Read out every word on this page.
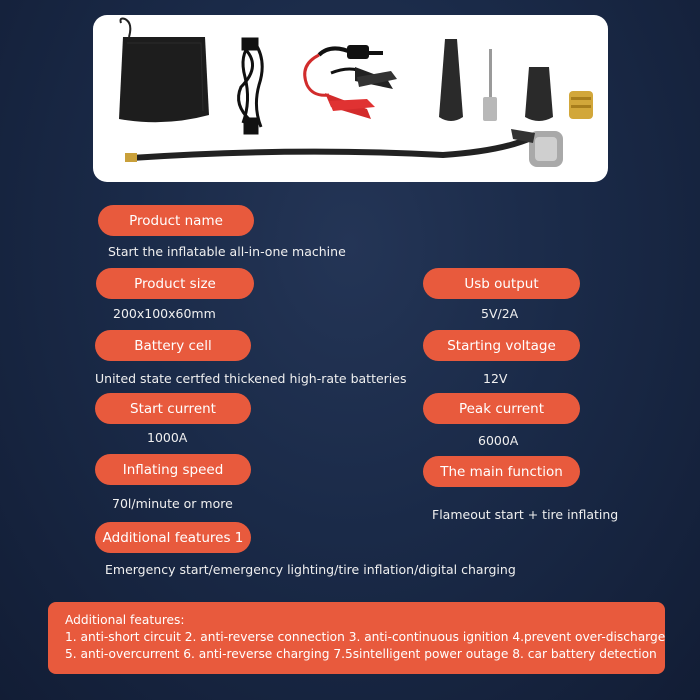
Product name
Start the inflatable all-in-one machine
Product size
200x100x60mm
Battery cell
United state certfed thickened high-rate batteries
Start current
1000A
Inflating speed
70l/minute or more
Additional features 1
Emergency start/emergency lighting/tire inflation/digital charging
Usb output
5V/2A
Starting voltage
12V
Peak current
6000A
The main function
Flameout start + tire inflating
Additional features:
1. anti-short circuit 2. anti-reverse connection 3. anti-continuous ignition 4.prevent over-discharge
5. anti-overcurrent 6. anti-reverse charging 7.5sintelligent power outage 8. car battery detection
